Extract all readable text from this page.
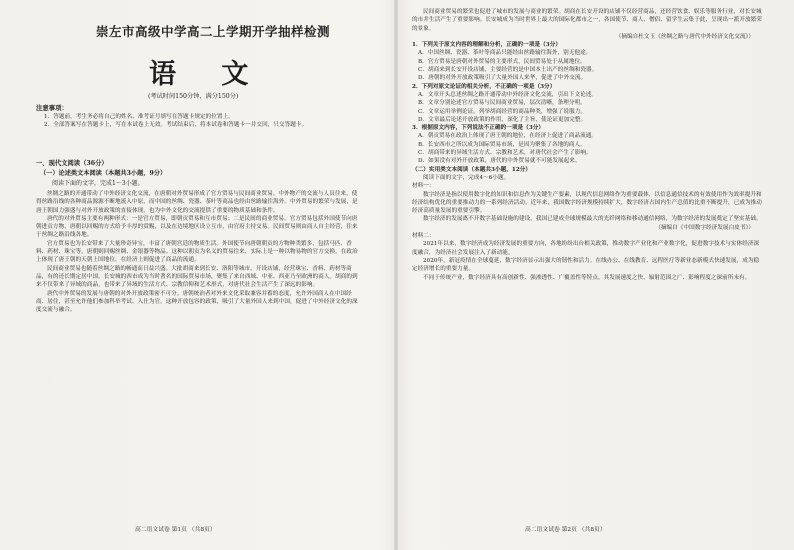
崇左市高级中学高二上学期开学抽样检测
语 文
(考试时间150分钟，满分150分)
注意事项：

1．答题前，考生务必将自己的姓名、准考证号填写在答题卡规定的位置上。

2．全部答案写在答题卡上，写在本试卷上无效。考试结束后，将本试卷和答题卡一并交回，只交答题卡。

一、现代文阅读（36分）
（一）论述类文本阅读（本题共3小题，9分）
阅读下面的文字，完成1～3小题。

丝绸之路的开通带动了中外经济文化交流，在唐朝对外贸易形成了官方贸易与民间商业贸易。中外物产的交流与人员往来，使得丝路沿线的各种商品源源不断地流入中原，而中国的丝绸、瓷器、茶叶等商品也经由丝路输往海外。中外贸易的繁荣与发展，是唐王朝国力强盛与对外开放政策的直接体现，也为中外文化的交流提供了重要的物质基础和条件。

唐代的对外贸易主要有两种形式：一是官方贸易，即朝贡贸易和互市贸易；二是民间的商业贸易。官方贸易包括外国使节向唐朝进贡方物，唐朝以回赐的方式给予丰厚的赏赐，以及在边境地区设立互市，由官府主持交易。民间贸易则由商人自主经营，往来于丝绸之路沿线各地。

官方贸易也为长安带来了大量珍奇异宝，丰富了唐朝宫廷的物质生活。外国使节向唐朝朝贡的方物种类繁多，包括马匹、香料、药材、珠宝等，唐朝则回赐丝绸、金银器等物品。这种以朝贡为名义的贸易往来，实际上是一种以物易物的官方交换，在政治上体现了唐王朝的天朝上国地位，在经济上则促进了商品的流通。

民间商业贸易也随着丝绸之路的畅通而日益兴盛。大批胡商来到长安、洛阳等城市，开设店铺，经营珠宝、香料、药材等商品，有的还长期定居中国。长安城的西市成为当时著名的国际贸易市场，聚集了来自西域、中亚、西亚乃至欧洲的商人。胡商的到来不仅带来了异域的商品，也带来了异域的生活方式、宗教信仰和艺术形式，对唐代社会生活产生了深远的影响。

唐代中外贸易的发展与唐朝的对外开放政策密不可分。唐朝统治者对外来文化采取兼容并蓄的态度，允许外国商人在中国经商、居住，甚至允许他们参加科举考试、入仕为官。这种开放包容的政策，吸引了大量外国人来到中国，促进了中外经济文化的深度交流与融合。

高二语文试卷 第1页 （共8页）

民间商业贸易的繁荣也促进了城市的发展与商业的繁荣。胡商在长安开设的店铺不仅经营商品，还经营饮食、娱乐等服务行业，对长安城的市井生活产生了重要影响。长安城成为当时世界上最大的国际化都市之一，各国使节、商人、僧侣、留学生云集于此，呈现出一派开放繁荣的景象。

（摘编自杜文玉《丝绸之路与唐代中外经济文化交流》）

1．下列关于原文内容的理解和分析，正确的一项是（3分）

A．中国丝绸、瓷器、茶叶等商品只能经由丝路输往海外，别无他途。

B．官方贸易是唐朝对外贸易的主要形式，民间贸易处于从属地位。

C．胡商来到长安开设店铺，主要经营的是中国本土出产的丝绸和瓷器。

D．唐朝的对外开放政策吸引了大量外国人来华，促进了中外交流。

2．下列对原文论证的相关分析，不正确的一项是（3分）

A．文章开头总述丝绸之路开通带动中外经济文化交流，引出下文论述。

B．文章分别论述官方贸易与民间商业贸易，层次清晰，条理分明。

C．文章运用举例论证，列举胡商经营的商品种类，增强了说服力。

D．文章最后论述开放政策的作用，深化了主旨，使论证更加完整。

3．根据原文内容，下列说法不正确的一项是（3分）

A．朝贡贸易在政治上体现了唐王朝的地位，在经济上促进了商品流通。

B．长安西市之所以成为国际贸易市场，是因为聚集了各地的商人。

C．胡商带来的异域生活方式、宗教和艺术，对唐代社会产生了影响。

D．如果没有对外开放政策，唐代的中外贸易就不可能发展起来。

（二）实用类文本阅读（本题共3小题，12分）

阅读下面的文字，完成4～6小题。

材料一：

数字经济是指以使用数字化的知识和信息作为关键生产要素，以现代信息网络作为重要载体，以信息通信技术的有效使用作为效率提升和经济结构优化的重要推动力的一系列经济活动。近年来，我国数字经济规模持续扩大，数字经济占国内生产总值的比重不断提升，已成为推动经济高质量发展的重要引擎。

数字经济的发展离不开数字基础设施的建设。我国已建成全球规模最大的光纤网络和移动通信网络，为数字经济的发展奠定了坚实基础。

（摘编自《中国数字经济发展白皮书》）

材料二：

2021年以来，数字经济成为经济发展的重要方向，各地纷纷出台相关政策，推动数字产业化和产业数字化，促进数字技术与实体经济深度融合，为经济社会发展注入了新动能。

2020年，新冠疫情在全球蔓延，数字经济显示出强大的韧性和活力。在线办公、在线教育、远程医疗等新业态新模式快速发展，成为稳定经济增长的重要力量。

不同于传统产业，数字经济具有高创新性、强渗透性、广覆盖性等特点，其发展速度之快、辐射范围之广、影响程度之深前所未有。

高二语文试卷 第2页 （共8页）
